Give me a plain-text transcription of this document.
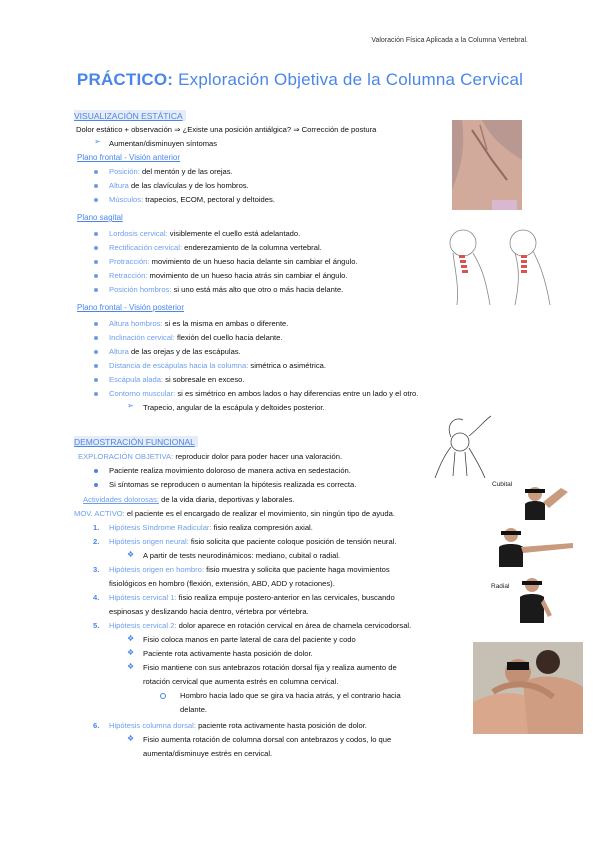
Valoración Física Aplicada a la Columna Vertebral.
PRÁCTICO: Exploración Objetiva de la Columna Cervical
VISUALIZACIÓN ESTÁTICA
Dolor estático + observación ⇒ ¿Existe una posición antiálgica? ⇒ Corrección de postura
➢ Aumentan/disminuyen síntomas
Plano frontal - Visión anterior
Posición: del mentón y de las orejas.
Altura de las clavículas y de los hombros.
Músculos: trapecios, ECOM, pectoral y deltoides.
Plano sagital
Lordosis cervical: visiblemente el cuello está adelantado.
Rectificación cervical: enderezamiento de la columna vertebral.
Protracción: movimiento de un hueso hacia delante sin cambiar el ángulo.
Retracción: movimiento de un hueso hacia atrás sin cambiar el ángulo.
Posición hombros: si uno está más alto que otro o más hacia delante.
Plano frontal - Visión posterior
Altura hombros: si es la misma en ambas o diferente.
Inclinación cervical: flexión del cuello hacia delante.
Altura de las orejas y de las escápulas.
Distancia de escápulas hacia la columna: simétrica o asimétrica.
Escápula alada: si sobresale en exceso.
Contorno muscular: si es simétrico en ambos lados o hay diferencias entre un lado y el otro.
➢ Trapecio, angular de la escápula y deltoides posterior.
DEMOSTRACIÓN FUNCIONAL
EXPLORACIÓN OBJETIVA: reproducir dolor para poder hacer una valoración.
Paciente realiza movimiento doloroso de manera activa en sedestación.
Si síntomas se reproducen o aumentan la hipótesis realizada es correcta.
Actividades dolorosas: de la vida diaria, deportivas y laborales.
MOV. ACTIVO: el paciente es el encargado de realizar el movimiento, sin ningún tipo de ayuda.
1. Hipótesis Síndrome Radicular: fisio realiza compresión axial.
2. Hipótesis origen neural: fisio solicita que paciente coloque posición de tensión neural.
❖ A partir de tests neurodinámicos: mediano, cubital o radial.
3. Hipótesis origen en hombro: fisio muestra y solicita que paciente haga movimientos
fisiológicos en hombro (flexión, extensión, ABD, ADD y rotaciones).
4. Hipótesis cervical 1: fisio realiza empuje postero-anterior en las cervicales, buscando
espinosas y deslizando hacia dentro, vértebra por vértebra.
5. Hipótesis cervical 2: dolor aparece en rotación cervical en área de charnela cervicodorsal.
❖ Fisio coloca manos en parte lateral de cara del paciente y codo
❖ Paciente rota activamente hasta posición de dolor.
❖ Fisio mantiene con sus antebrazos rotación dorsal fija y realiza aumento de
rotación cervical que aumenta estrés en columna cervical.
Hombro hacia lado que se gira va hacia atrás, y el contrario hacia
delante.
6. Hipótesis columna dorsal: paciente rota activamente hasta posición de dolor.
❖ Fisio aumenta rotación de columna dorsal con antebrazos y codos, lo que
aumenta/disminuye estrés en cervical.
Cubital
Radial
